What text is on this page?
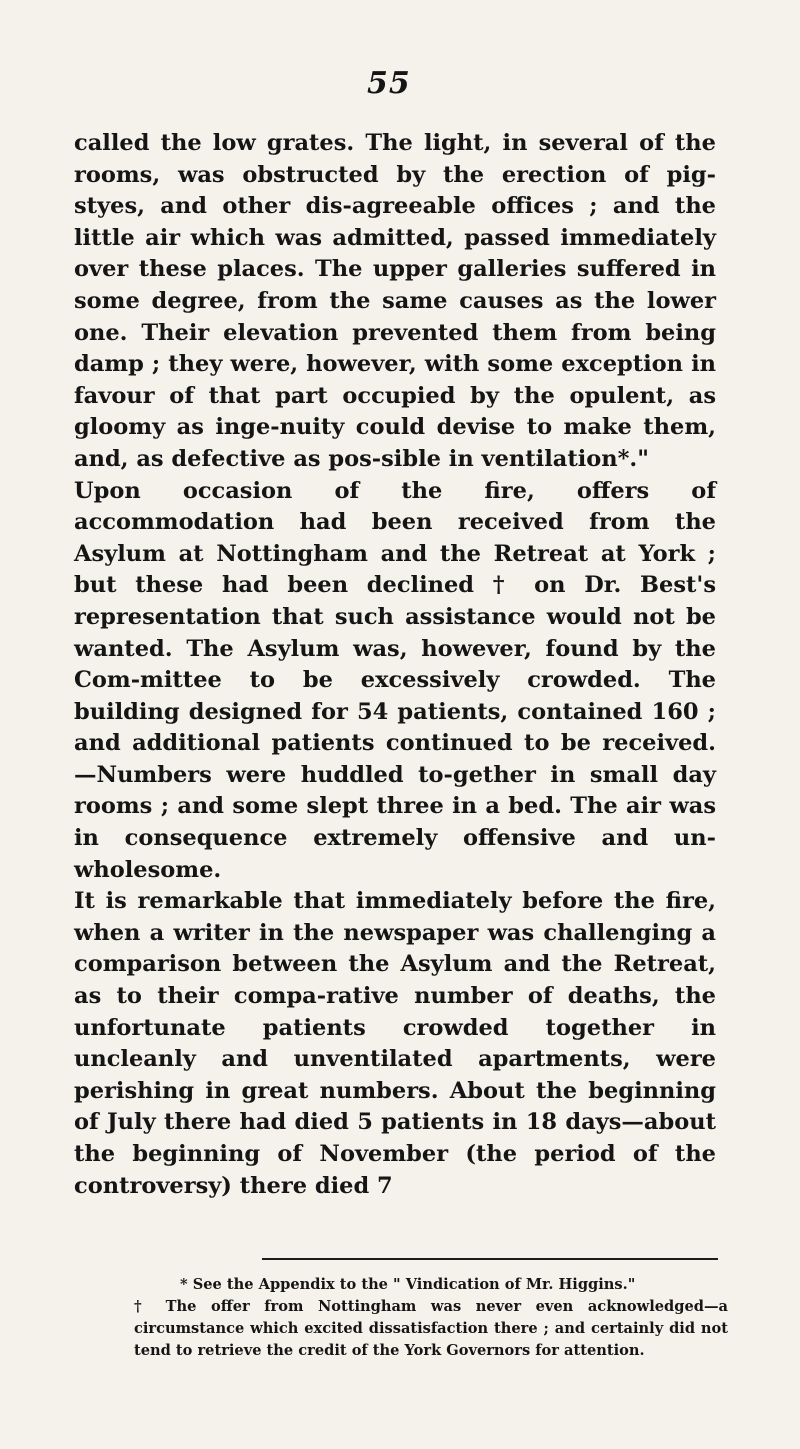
55

called the low grates. The light, in several of the rooms, was obstructed by the erection of pig-styes, and other dis-agreeable offices ; and the little air which was admitted, passed immediately over these places. The upper galleries suffered in some degree, from the same causes as the lower one. Their elevation prevented them from being damp ; they were, however, with some exception in favour of that part occupied by the opulent, as gloomy as inge-nuity could devise to make them, and, as defective as pos-sible in ventilation*."

Upon occasion of the fire, offers of accommodation had been received from the Asylum at Nottingham and the Retreat at York ; but these had been declined † on Dr. Best's representation that such assistance would not be wanted. The Asylum was, however, found by the Com-mittee to be excessively crowded. The building designed for 54 patients, contained 160 ; and additional patients continued to be received.—Numbers were huddled to-gether in small day rooms ; and some slept three in a bed. The air was in consequence extremely offensive and un-wholesome.

It is remarkable that immediately before the fire, when a writer in the newspaper was challenging a comparison between the Asylum and the Retreat, as to their compa-rative number of deaths, the unfortunate patients crowded together in uncleanly and unventilated apartments, were perishing in great numbers. About the beginning of July there had died 5 patients in 18 days—about the beginning of November (the period of the controversy) there died 7

* See the Appendix to the " Vindication of Mr. Higgins."

† The offer from Nottingham was never even acknowledged—a circumstance which excited dissatisfaction there ; and certainly did not tend to retrieve the credit of the York Governors for attention.
